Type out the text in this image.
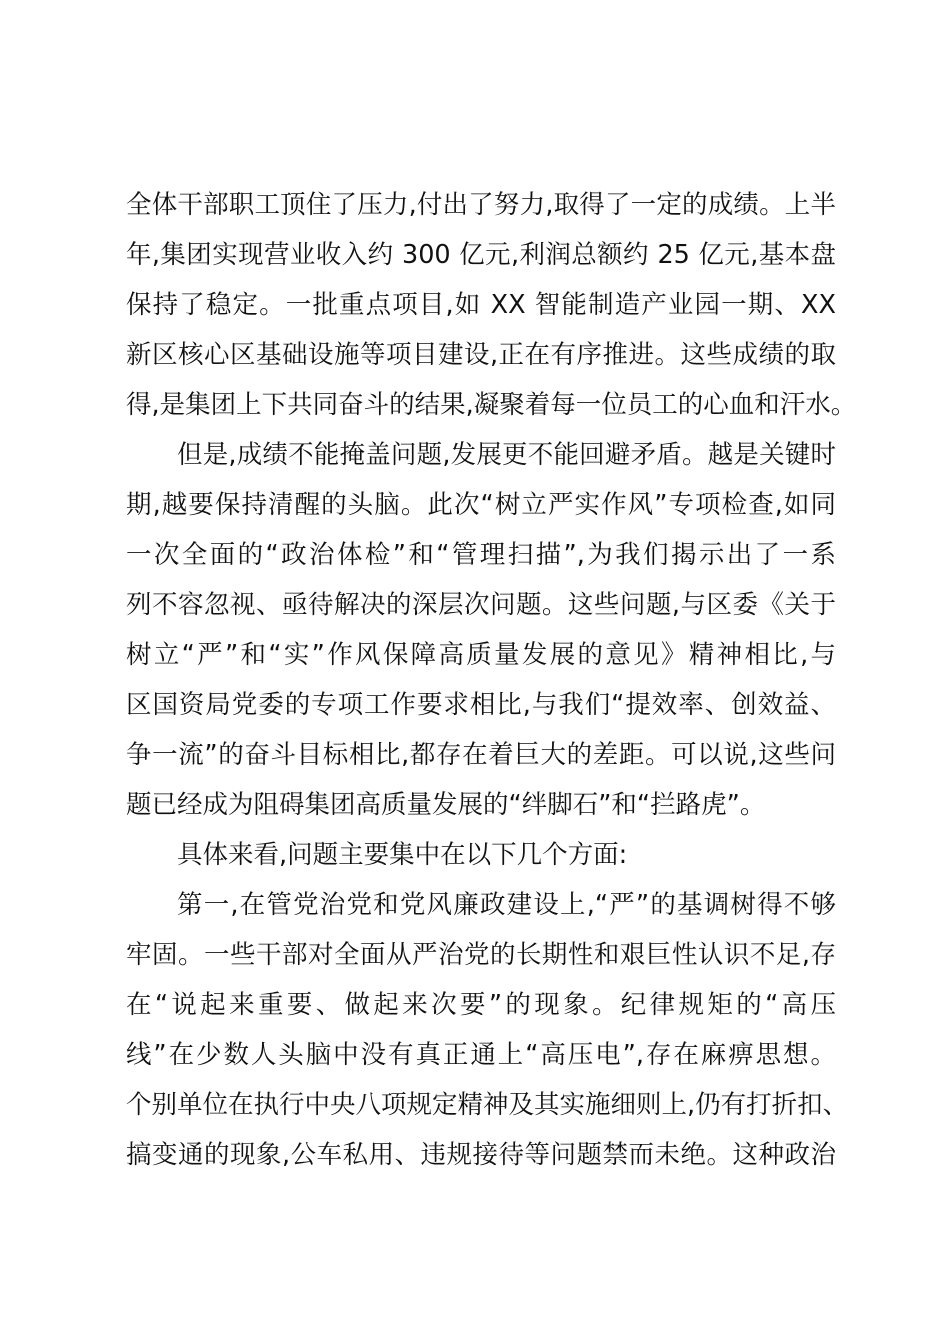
全体干部职工顶住了压力,付出了努力,取得了一定的成绩。上半
年,集团实现营业收入约 300 亿元,利润总额约 25 亿元,基本盘
保持了稳定。一批重点项目,如 XX 智能制造产业园一期、XX
新区核心区基础设施等项目建设,正在有序推进。这些成绩的取
得,是集团上下共同奋斗的结果,凝聚着每一位员工的心血和汗水。
但是,成绩不能掩盖问题,发展更不能回避矛盾。越是关键时
期,越要保持清醒的头脑。此次“树立严实作风”专项检查,如同
一次全面的“政治体检”和“管理扫描”,为我们揭示出了一系
列不容忽视、亟待解决的深层次问题。这些问题,与区委《关于
树立“严”和“实”作风保障高质量发展的意见》精神相比,与
区国资局党委的专项工作要求相比,与我们“提效率、创效益、
争一流”的奋斗目标相比,都存在着巨大的差距。可以说,这些问
题已经成为阻碍集团高质量发展的“绊脚石”和“拦路虎”。
具体来看,问题主要集中在以下几个方面:
第一,在管党治党和党风廉政建设上,“严”的基调树得不够
牢固。一些干部对全面从严治党的长期性和艰巨性认识不足,存
在“说起来重要、做起来次要”的现象。纪律规矩的“高压
线”在少数人头脑中没有真正通上“高压电”,存在麻痹思想。
个别单位在执行中央八项规定精神及其实施细则上,仍有打折扣、
搞变通的现象,公车私用、违规接待等问题禁而未绝。这种政治
